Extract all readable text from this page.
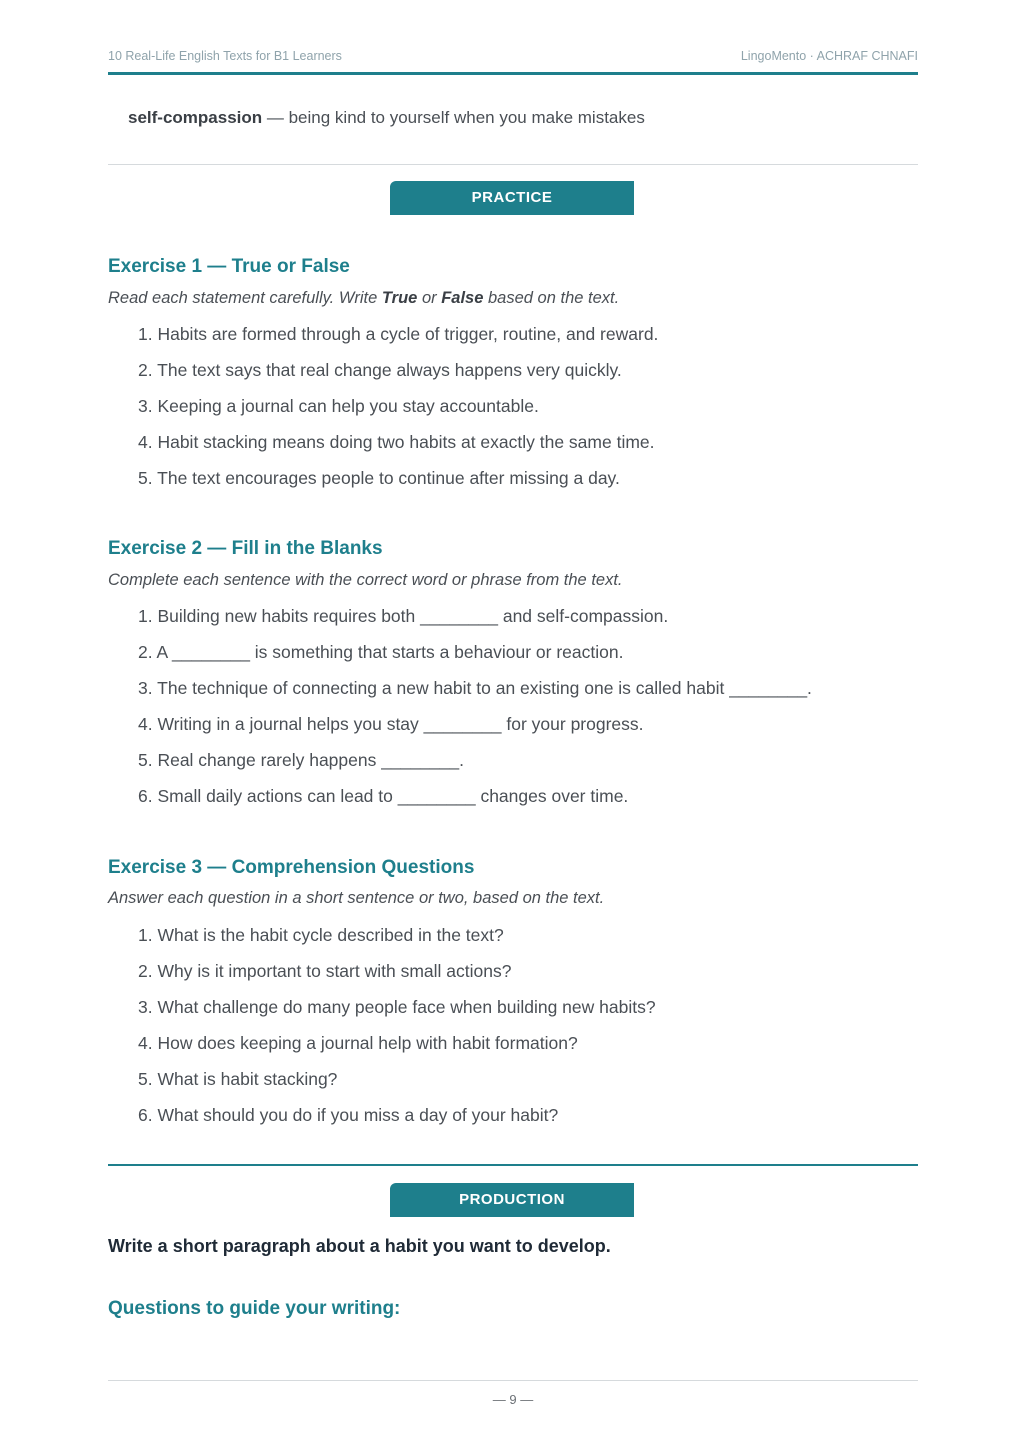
10 Real-Life English Texts for B1 Learners	LingoMento · ACHRAF CHNAFI
self-compassion — being kind to yourself when you make mistakes
PRACTICE
Exercise 1 — True or False
Read each statement carefully. Write True or False based on the text.
1. Habits are formed through a cycle of trigger, routine, and reward.
2. The text says that real change always happens very quickly.
3. Keeping a journal can help you stay accountable.
4. Habit stacking means doing two habits at exactly the same time.
5. The text encourages people to continue after missing a day.
Exercise 2 — Fill in the Blanks
Complete each sentence with the correct word or phrase from the text.
1. Building new habits requires both ________ and self-compassion.
2. A ________ is something that starts a behaviour or reaction.
3. The technique of connecting a new habit to an existing one is called habit ________.
4. Writing in a journal helps you stay ________ for your progress.
5. Real change rarely happens ________.
6. Small daily actions can lead to ________ changes over time.
Exercise 3 — Comprehension Questions
Answer each question in a short sentence or two, based on the text.
1. What is the habit cycle described in the text?
2. Why is it important to start with small actions?
3. What challenge do many people face when building new habits?
4. How does keeping a journal help with habit formation?
5. What is habit stacking?
6. What should you do if you miss a day of your habit?
PRODUCTION
Write a short paragraph about a habit you want to develop.
Questions to guide your writing:
— 9 —
